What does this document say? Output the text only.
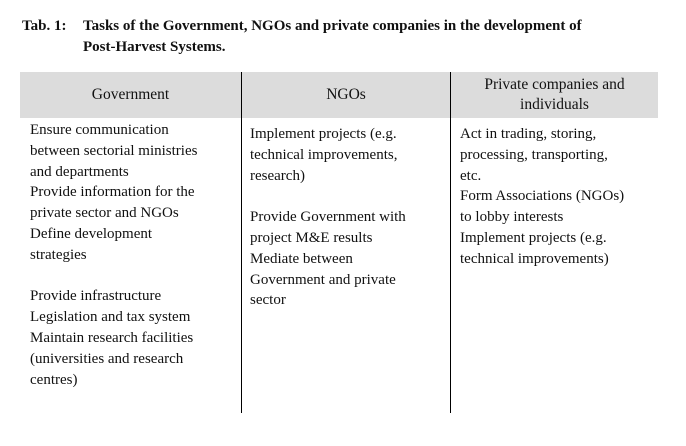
Tab. 1:	Tasks of the Government, NGOs and private companies in the development of
Post-Harvest Systems.
Government	NGOs
Private companies and
individuals
Ensure communication
between sectorial ministries
and departments
Provide information for the
private sector and NGOs
Define development
strategies
Provide infrastructure
Legislation and tax system
Maintain research facilities
(universities and research
centres)
Implement projects (e.g.
technical improvements,
research)
Provide Government with
project M&E results
Mediate between
Government and private
sector
Act in trading, storing,
processing, transporting,
etc.
Form Associations (NGOs)
to lobby interests
Implement projects (e.g.
technical improvements)
